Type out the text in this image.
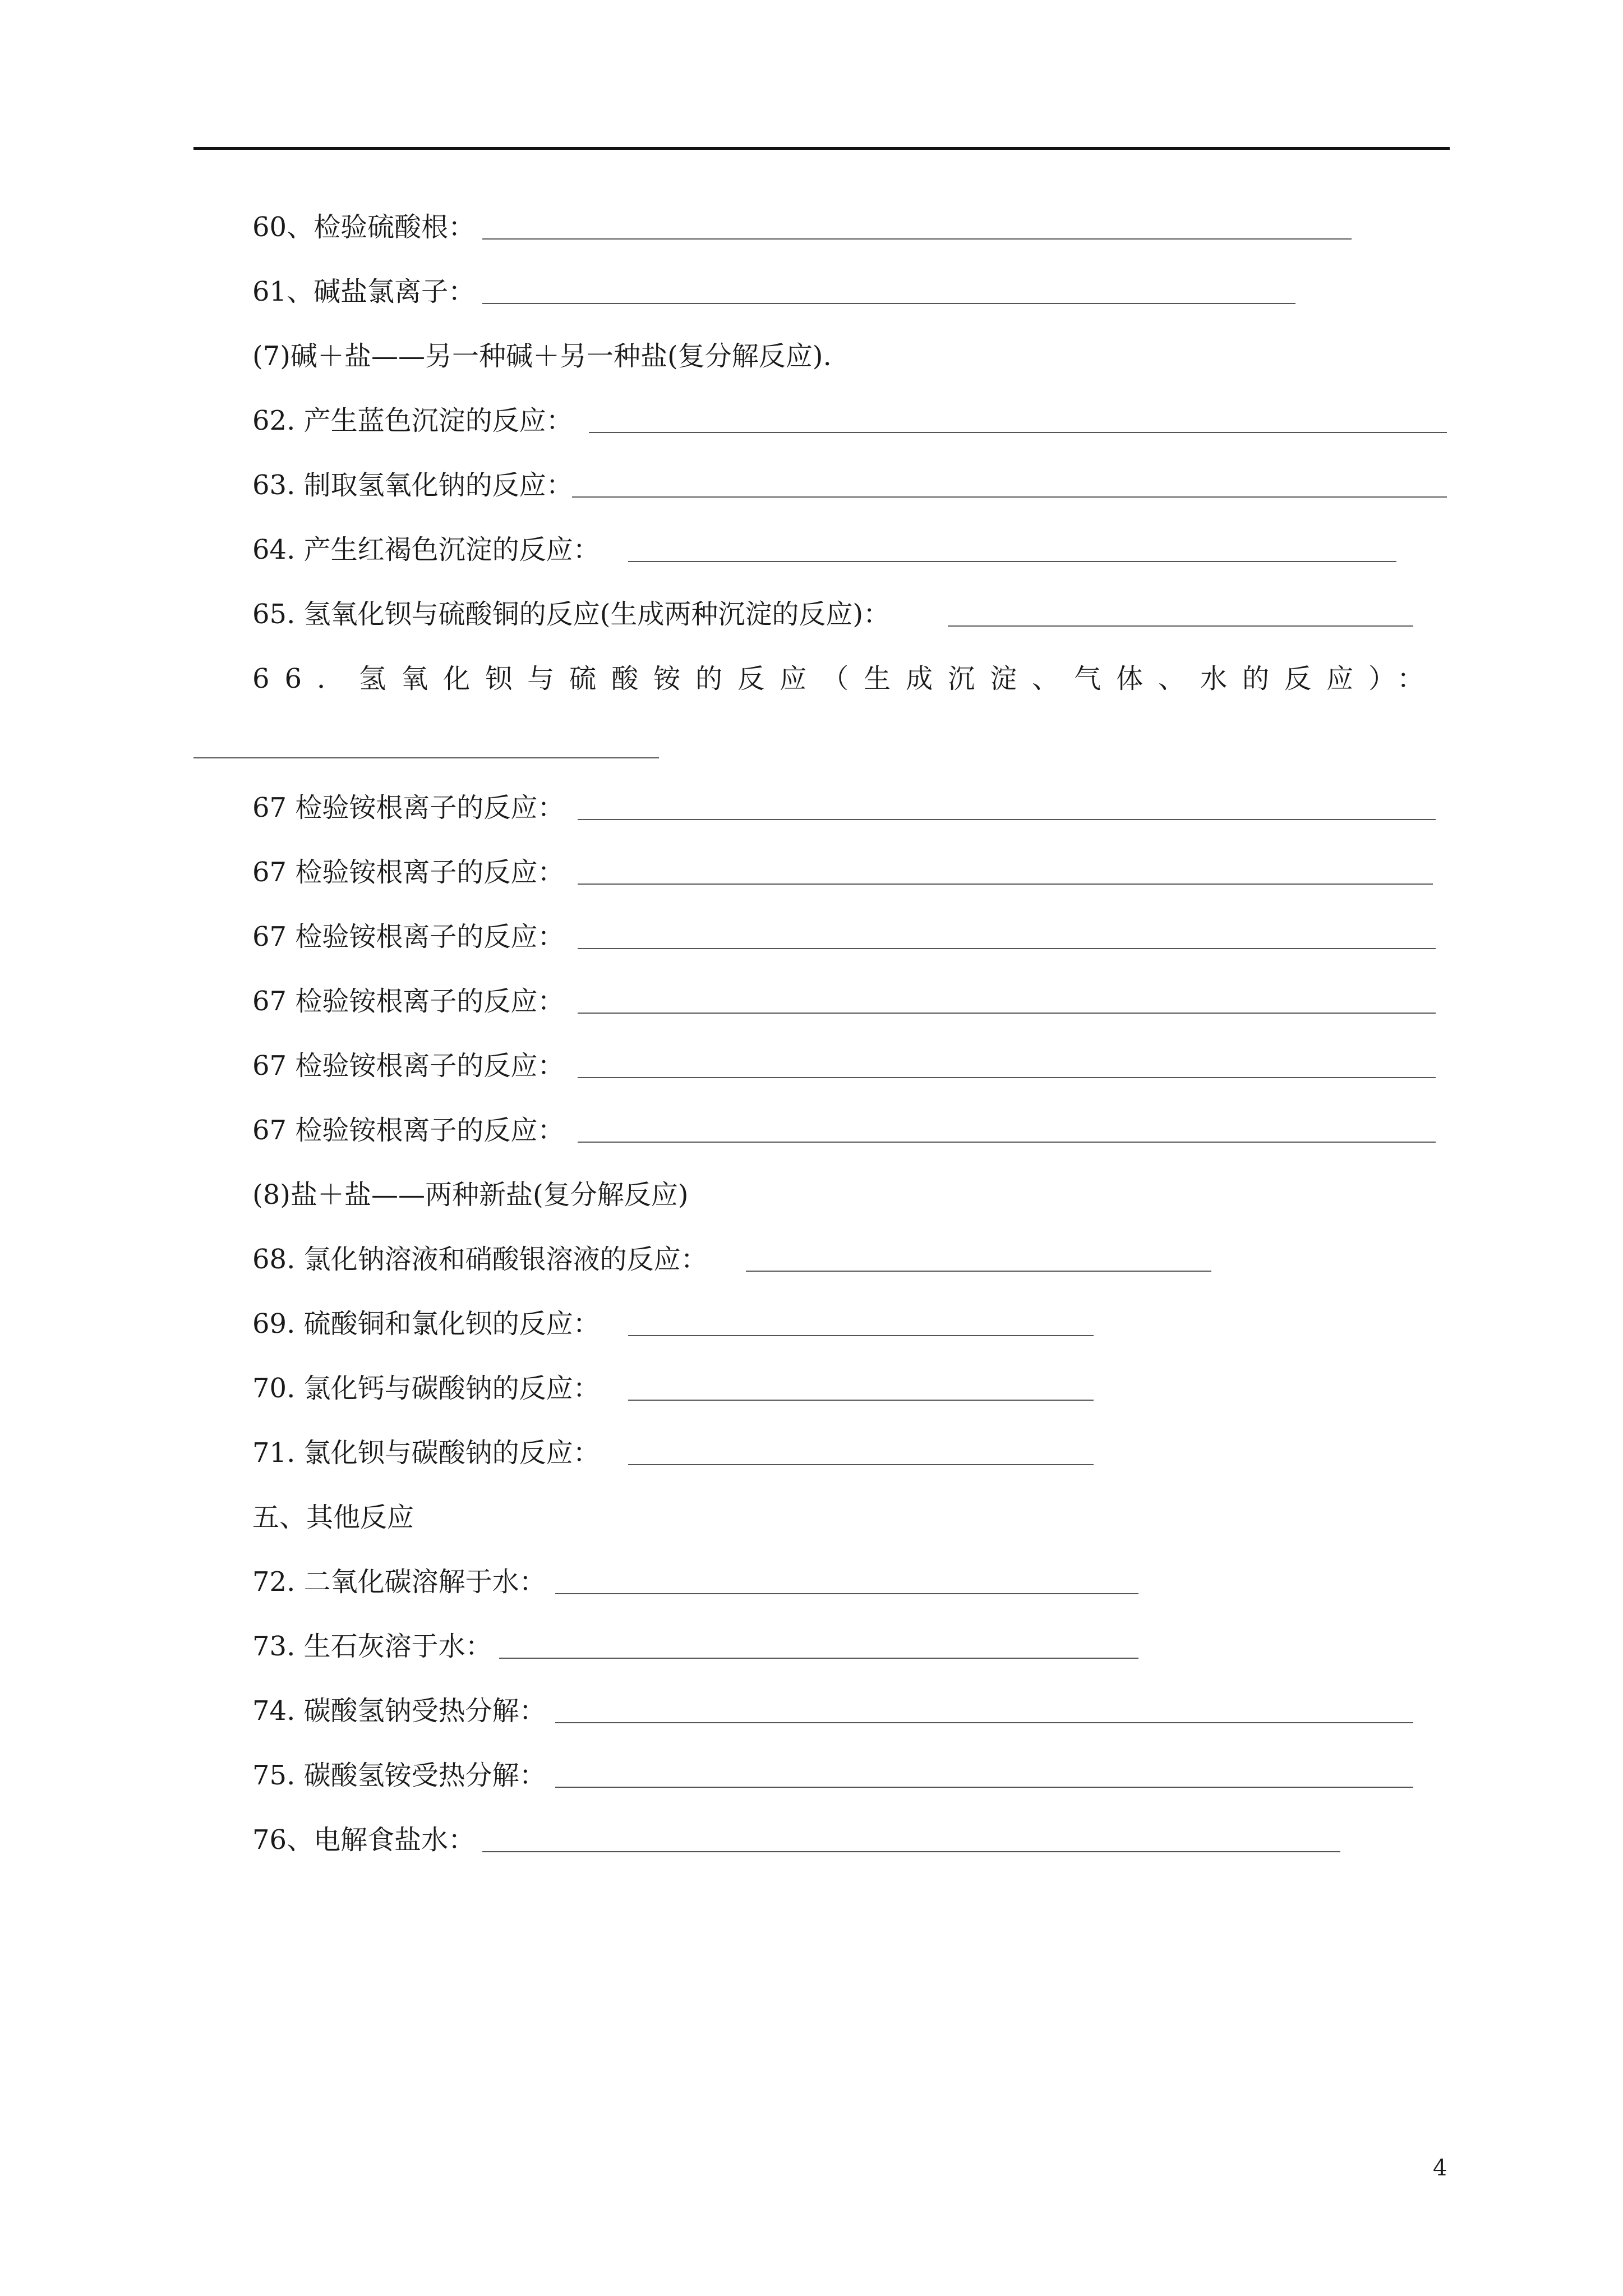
60、检验硫酸根：
61、碱盐氯离子：
(7)碱＋盐——另一种碱＋另一种盐(复分解反应).
62. 产生蓝色沉淀的反应：
63. 制取氢氧化钠的反应：
64. 产生红褐色沉淀的反应：
65. 氢氧化钡与硫酸铜的反应(生成两种沉淀的反应)：
66．氢氧化钡与硫酸铵的反应（生成沉淀、气体、水的反应）：
67 检验铵根离子的反应：
67 检验铵根离子的反应：
67 检验铵根离子的反应：
67 检验铵根离子的反应：
67 检验铵根离子的反应：
67 检验铵根离子的反应：
(8)盐＋盐——两种新盐(复分解反应)
68. 氯化钠溶液和硝酸银溶液的反应：
69. 硫酸铜和氯化钡的反应：
70. 氯化钙与碳酸钠的反应：
71. 氯化钡与碳酸钠的反应：
五、其他反应
72. 二氧化碳溶解于水：
73. 生石灰溶于水：
74. 碳酸氢钠受热分解：
75. 碳酸氢铵受热分解：
76、电解食盐水：
4
